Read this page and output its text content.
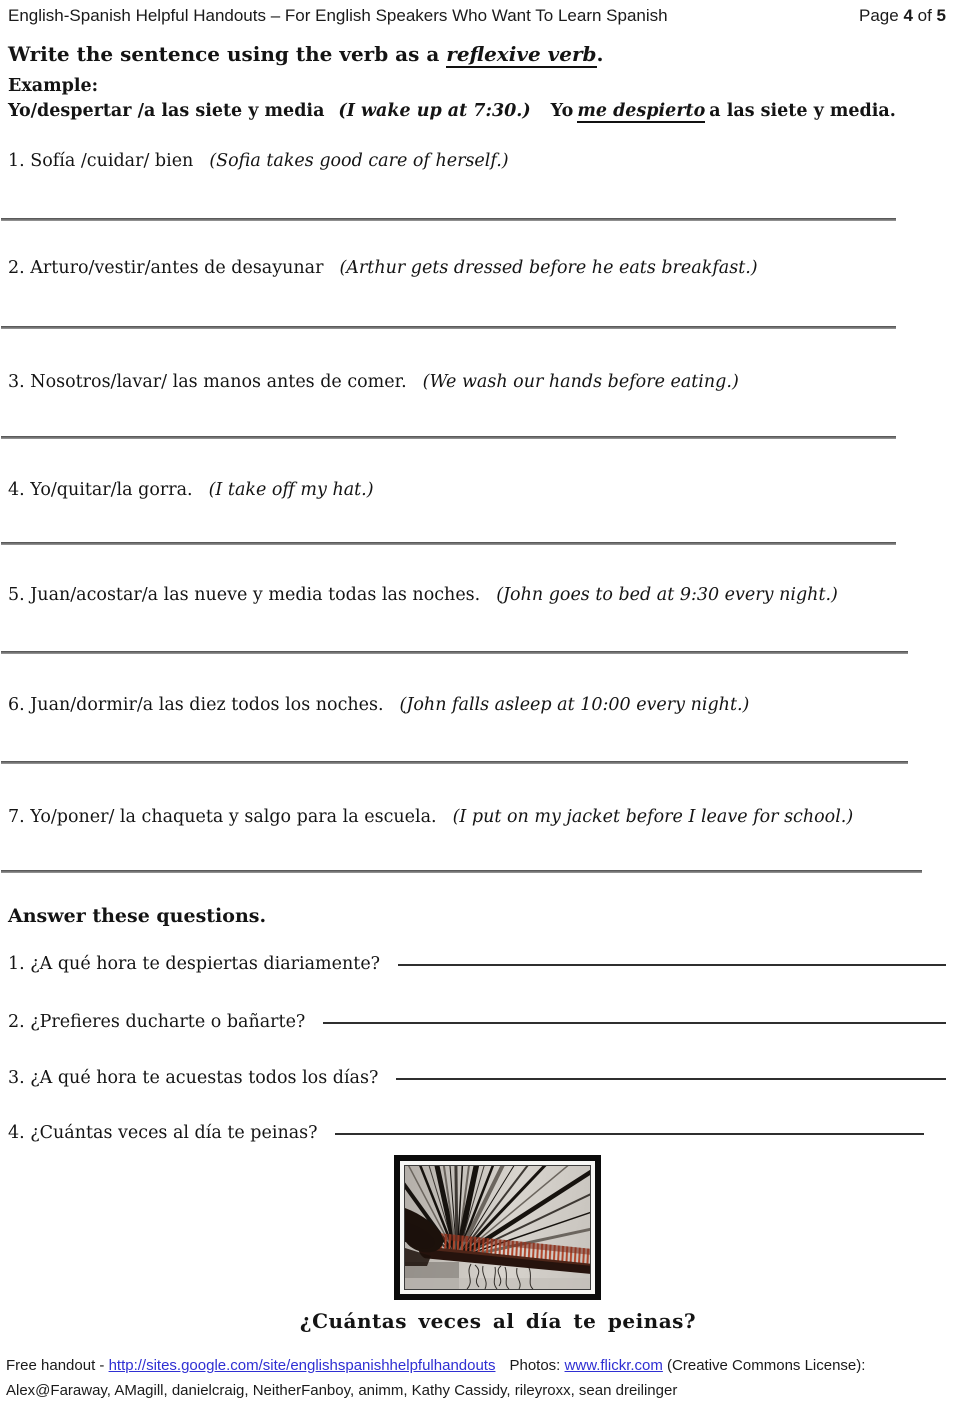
English-Spanish Helpful Handouts – For English Speakers Who Want To Learn Spanish	Page 4 of 5
Write the sentence using the verb as a reflexive verb.
Example:
Yo/despertar /a las siete y media (I wake up at 7:30.) Yo me despierto a las siete y media.
1. Sofía /cuidar/ bien (Sofia takes good care of herself.)
2. Arturo/vestir/antes de desayunar (Arthur gets dressed before he eats breakfast.)
3. Nosotros/lavar/ las manos antes de comer. (We wash our hands before eating.)
4. Yo/quitar/la gorra. (I take off my hat.)
5. Juan/acostar/a las nueve y media todas las noches. (John goes to bed at 9:30 every night.)
6. Juan/dormir/a las diez todos los noches. (John falls asleep at 10:00 every night.)
7. Yo/poner/ la chaqueta y salgo para la escuela. (I put on my jacket before I leave for school.)
Answer these questions.
1. ¿A qué hora te despiertas diariamente?
2. ¿Prefieres ducharte o bañarte?
3. ¿A qué hora te acuestas todos los días?
4. ¿Cuántas veces al día te peinas?
¿Cuántas veces al día te peinas?
Free handout - http://sites.google.com/site/englishspanishhelpfulhandouts Photos: www.flickr.com (Creative Commons License):
Alex@Faraway, AMagill, danielcraig, NeitherFanboy, animm, Kathy Cassidy, rileyroxx, sean dreilinger
